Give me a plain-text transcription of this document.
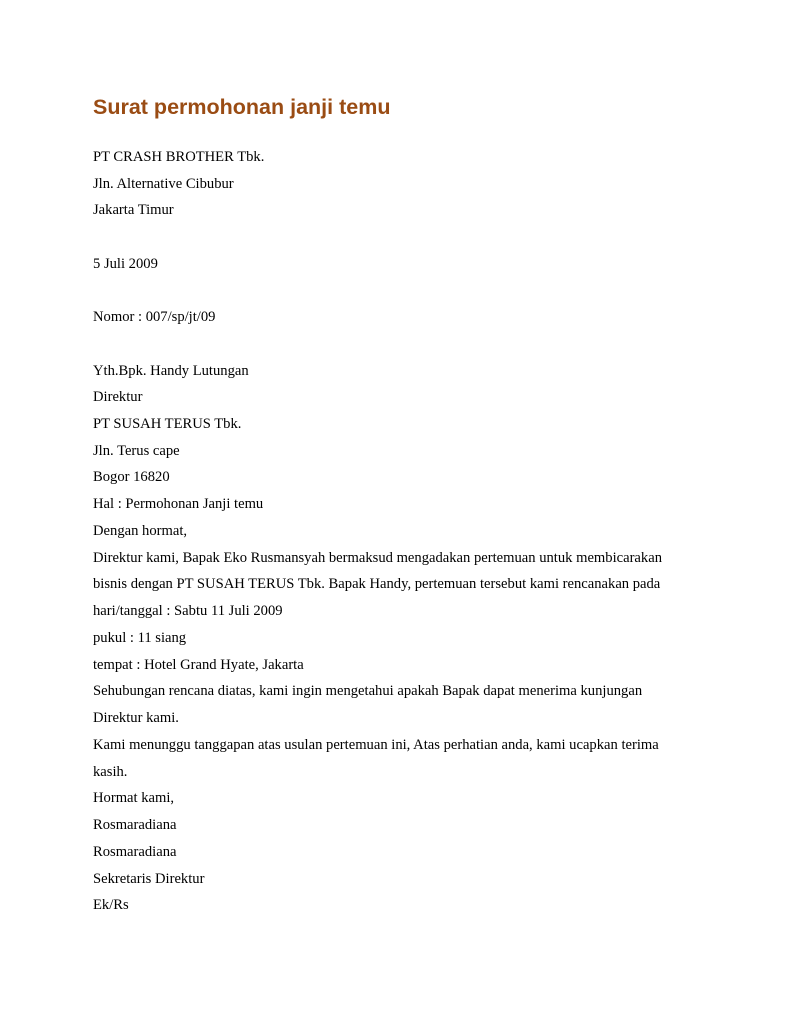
Surat permohonan janji temu

PT CRASH BROTHER Tbk.

Jln. Alternative Cibubur

Jakarta Timur

5 Juli 2009

Nomor : 007/sp/jt/09

Yth.Bpk. Handy Lutungan

Direktur

PT SUSAH TERUS Tbk.

Jln. Terus cape

Bogor 16820

Hal : Permohonan Janji temu

Dengan hormat,

Direktur kami, Bapak Eko Rusmansyah bermaksud mengadakan pertemuan untuk membicarakan

bisnis dengan PT SUSAH TERUS Tbk. Bapak Handy, pertemuan tersebut kami rencanakan pada

hari/tanggal : Sabtu 11 Juli 2009

pukul : 11 siang

tempat : Hotel Grand Hyate, Jakarta

Sehubungan rencana diatas, kami ingin mengetahui apakah Bapak dapat menerima kunjungan

Direktur kami.

Kami menunggu tanggapan atas usulan pertemuan ini, Atas perhatian anda, kami ucapkan terima

kasih.

Hormat kami,

Rosmaradiana

Rosmaradiana

Sekretaris Direktur

Ek/Rs
